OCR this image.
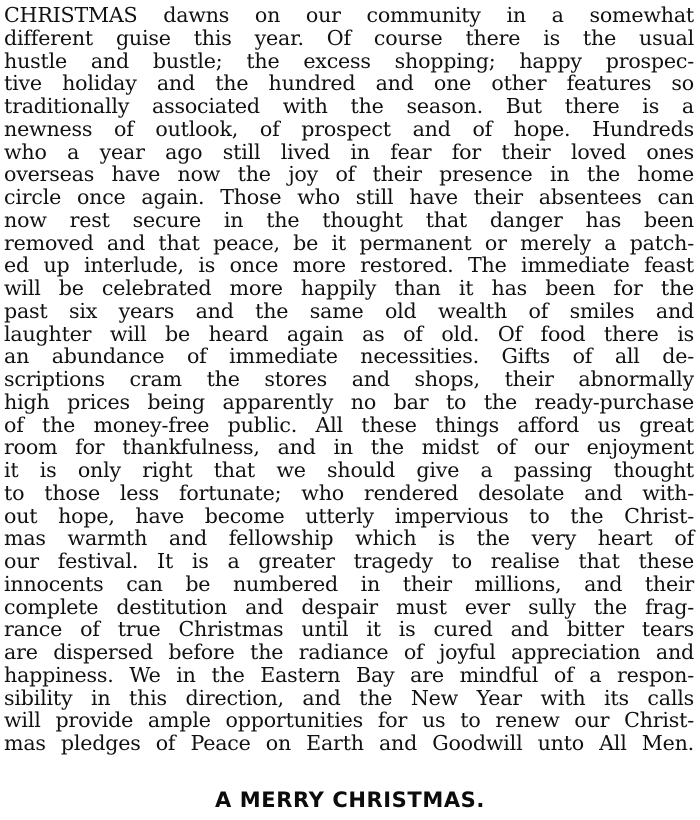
CHRISTMAS dawns on our community in a somewhat
different guise this year. Of course there is the usual
hustle and bustle; the excess shopping; happy prospec-
tive holiday and the hundred and one other features so
traditionally associated with the season. But there is a
newness of outlook, of prospect and of hope. Hundreds
who a year ago still lived in fear for their loved ones
overseas have now the joy of their presence in the home
circle once again. Those who still have their absentees can
now rest secure in the thought that danger has been
removed and that peace, be it permanent or merely a patch-
ed up interlude, is once more restored. The immediate feast
will be celebrated more happily than it has been for the
past six years and the same old wealth of smiles and
laughter will be heard again as of old. Of food there is
an abundance of immediate necessities. Gifts of all de-
scriptions cram the stores and shops, their abnormally
high prices being apparently no bar to the ready-purchase
of the money-free public. All these things afford us great
room for thankfulness, and in the midst of our enjoyment
it is only right that we should give a passing thought
to those less fortunate; who rendered desolate and with-
out hope, have become utterly impervious to the Christ-
mas warmth and fellowship which is the very heart of
our festival. It is a greater tragedy to realise that these
innocents can be numbered in their millions, and their
complete destitution and despair must ever sully the frag-
rance of true Christmas until it is cured and bitter tears
are dispersed before the radiance of joyful appreciation and
happiness. We in the Eastern Bay are mindful of a respon-
sibility in this direction, and the New Year with its calls
will provide ample opportunities for us to renew our Christ-
mas pledges of Peace on Earth and Goodwill unto All Men.
A MERRY CHRISTMAS.
